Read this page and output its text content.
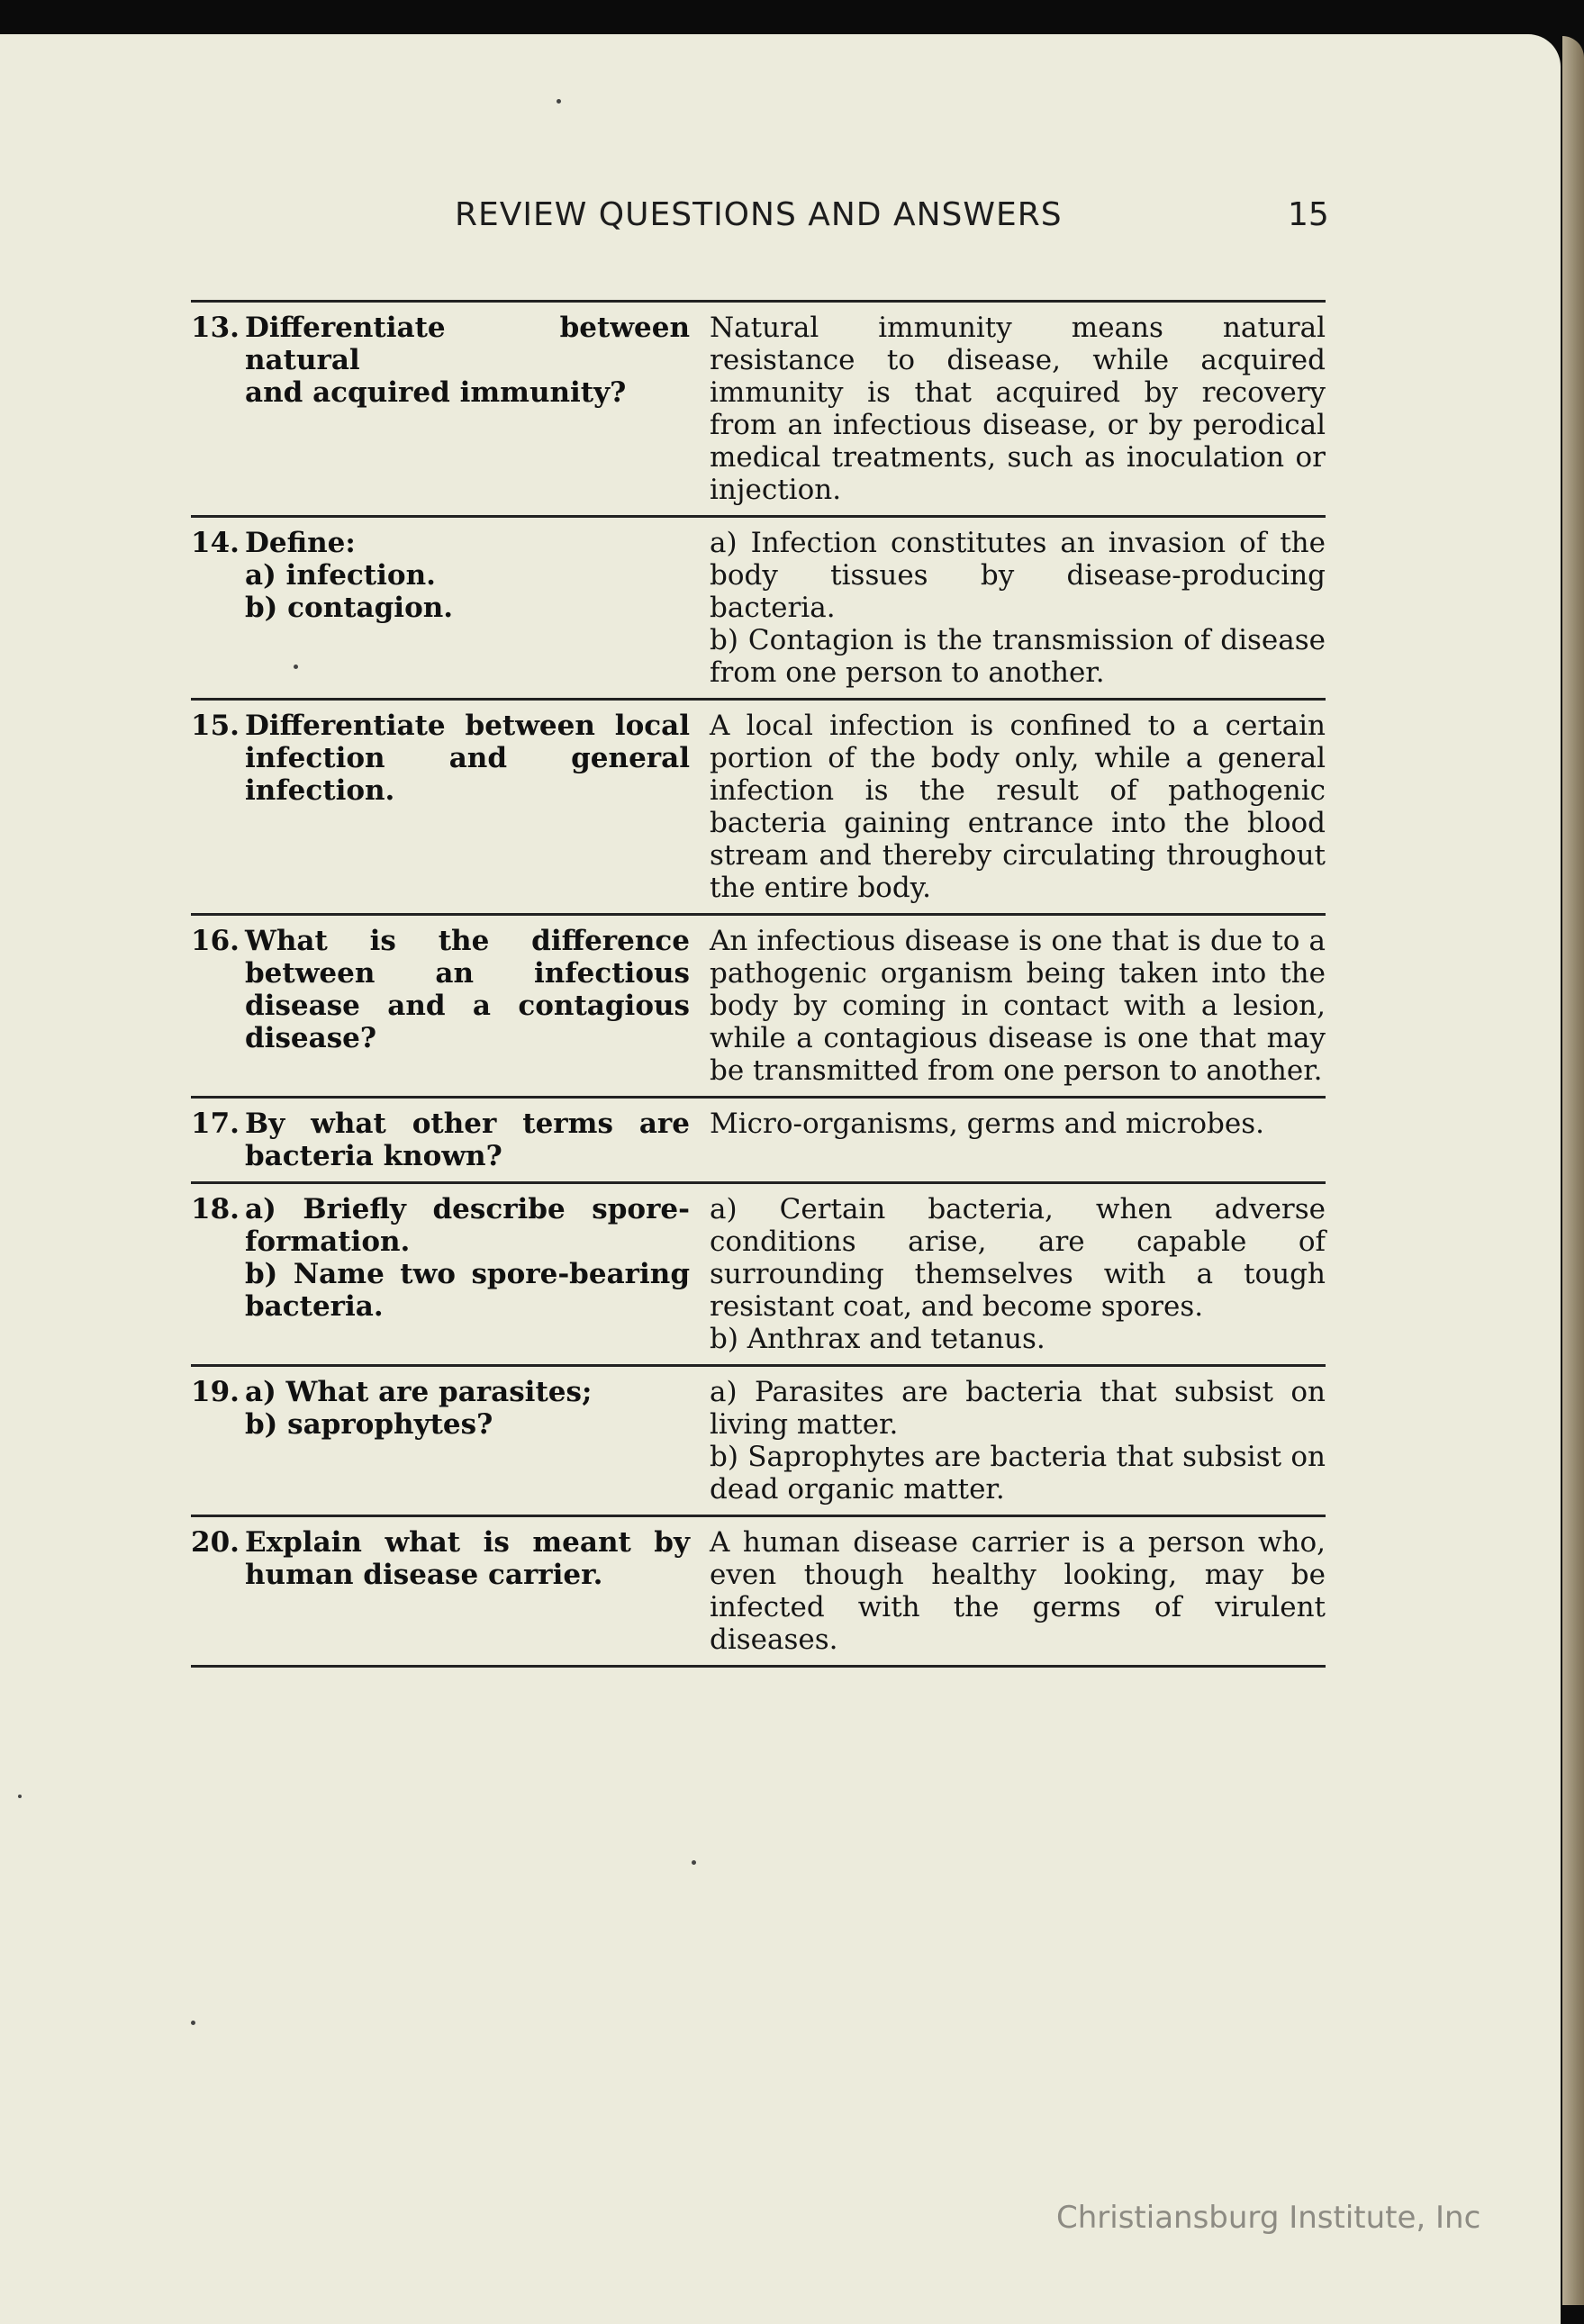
REVIEW QUESTIONS AND ANSWERS	15
13. Differentiate between natural
and acquired immunity?

Natural immunity means natural resistance to disease, while acquired immunity is that acquired by recovery from an infectious disease, or by perodical medical treatments, such as inoculation or injection.

14. Define:
a) infection.
b) contagion.

a) Infection constitutes an invasion of the body tissues by disease-producing bacteria.

b) Contagion is the transmission of disease from one person to another.

15. Differentiate between local infection and general infection.

A local infection is confined to a certain portion of the body only, while a general infection is the result of pathogenic bacteria gaining entrance into the blood stream and thereby circulating throughout the entire body.

16. What is the difference between an infectious disease and a contagious disease?

An infectious disease is one that is due to a pathogenic organism being taken into the body by coming in contact with a lesion, while a contagious disease is one that may be transmitted from one person to another.

17. By what other terms are bacteria known?

Micro-organisms, germs and microbes.

18. a) Briefly describe spore-formation.
b) Name two spore-bearing bacteria.

a) Certain bacteria, when adverse conditions arise, are capable of surrounding themselves with a tough resistant coat, and become spores.

b) Anthrax and tetanus.

19. a) What are parasites;
b) saprophytes?

a) Parasites are bacteria that subsist on living matter.

b) Saprophytes are bacteria that subsist on dead organic matter.

20. Explain what is meant by human disease carrier.

A human disease carrier is a person who, even though healthy looking, may be infected with the germs of virulent diseases.

Christiansburg Institute, Inc
